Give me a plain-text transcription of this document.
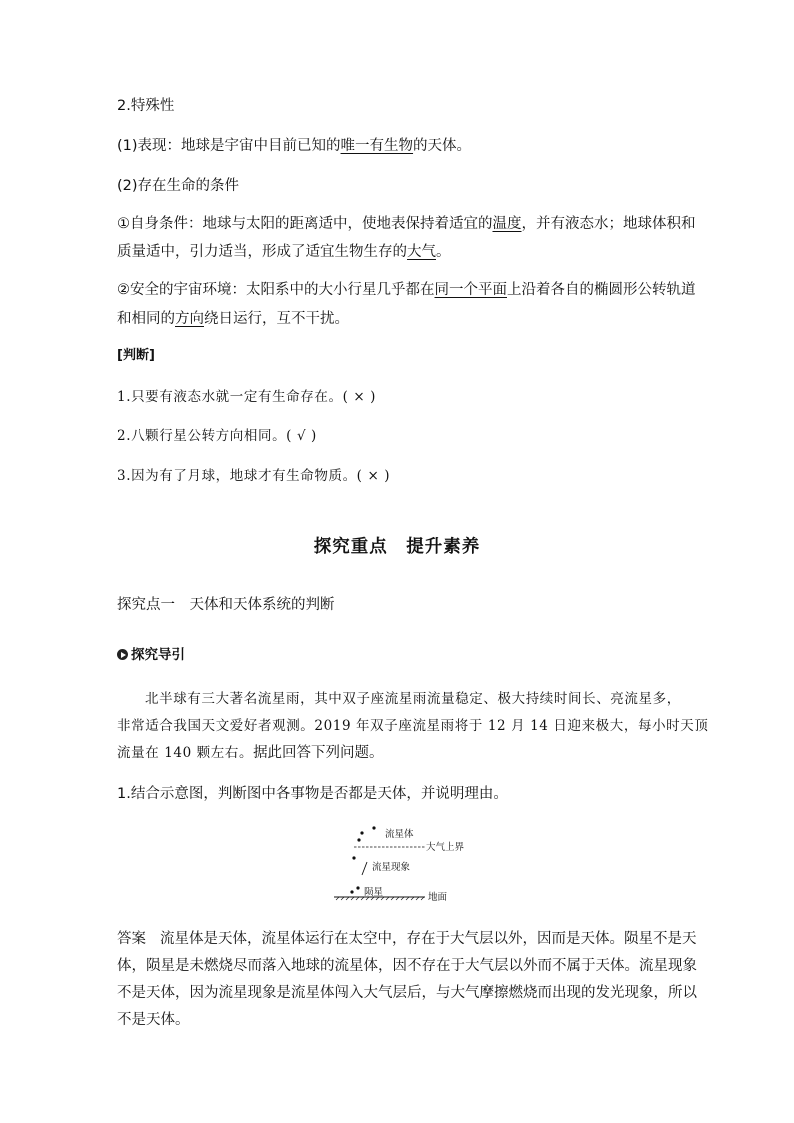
2.特殊性
(1)表现：地球是宇宙中目前已知的唯一有生物的天体。
(2)存在生命的条件
①自身条件：地球与太阳的距离适中，使地表保持着适宜的温度，并有液态水；地球体积和
质量适中，引力适当，形成了适宜生物生存的大气。
②安全的宇宙环境：太阳系中的大小行星几乎都在同一个平面上沿着各自的椭圆形公转轨道
和相同的方向绕日运行，互不干扰。
[判断]
1.只要有液态水就一定有生命存在。( × )
2.八颗行星公转方向相同。( √ )
3.因为有了月球，地球才有生命物质。( × )
探究重点　提升素养
探究点一　天体和天体系统的判断
探究导引
北半球有三大著名流星雨，其中双子座流星雨流量稳定、极大持续时间长、亮流星多，
非常适合我国天文爱好者观测。2019 年双子座流星雨将于 12 月 14 日迎来极大，每小时天顶
流量在 140 颗左右。据此回答下列问题。
1.结合示意图，判断图中各事物是否都是天体，并说明理由。
流星体
大气上界
流星现象
陨星	地面
答案 流星体是天体，流星体运行在太空中，存在于大气层以外，因而是天体。陨星不是天
体，陨星是未燃烧尽而落入地球的流星体，因不存在于大气层以外而不属于天体。流星现象
不是天体，因为流星现象是流星体闯入大气层后，与大气摩擦燃烧而出现的发光现象，所以
不是天体。
